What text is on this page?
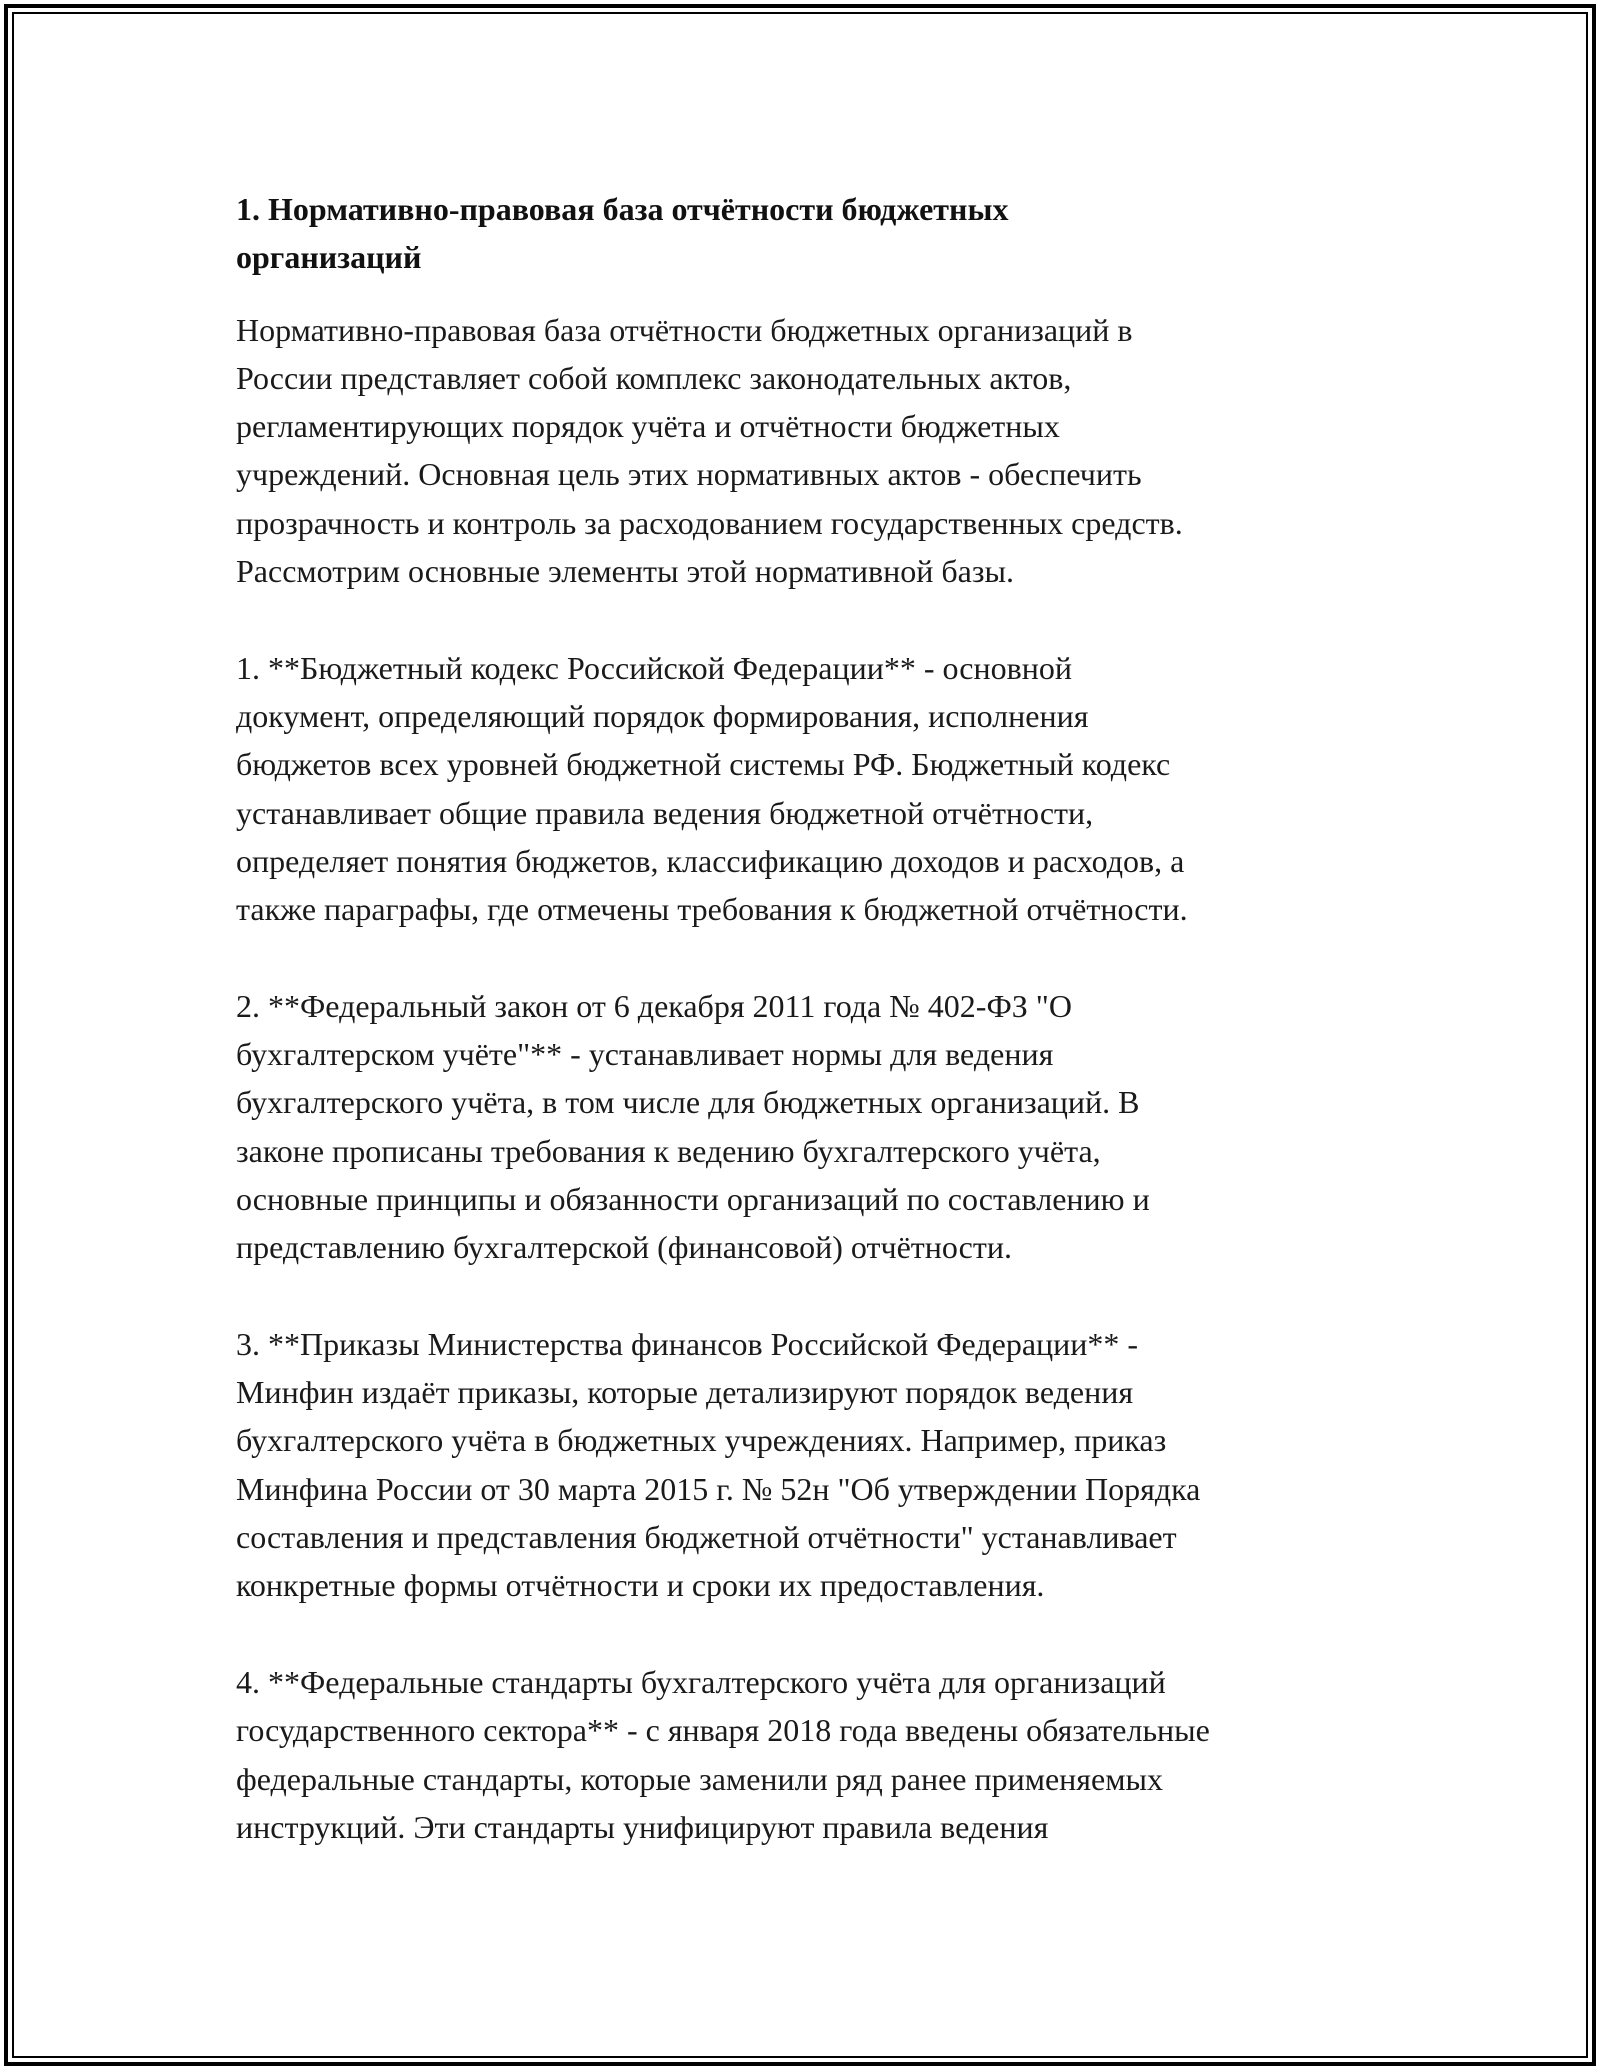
1. Нормативно-правовая база отчётности бюджетных
организаций

Нормативно-правовая база отчётности бюджетных организаций в
России представляет собой комплекс законодательных актов,
регламентирующих порядок учёта и отчётности бюджетных
учреждений. Основная цель этих нормативных актов - обеспечить
прозрачность и контроль за расходованием государственных средств.
Рассмотрим основные элементы этой нормативной базы.

1. **Бюджетный кодекс Российской Федерации** - основной
документ, определяющий порядок формирования, исполнения
бюджетов всех уровней бюджетной системы РФ. Бюджетный кодекс
устанавливает общие правила ведения бюджетной отчётности,
определяет понятия бюджетов, классификацию доходов и расходов, а
также параграфы, где отмечены требования к бюджетной отчётности.

2. **Федеральный закон от 6 декабря 2011 года № 402-ФЗ "О
бухгалтерском учёте"** - устанавливает нормы для ведения
бухгалтерского учёта, в том числе для бюджетных организаций. В
законе прописаны требования к ведению бухгалтерского учёта,
основные принципы и обязанности организаций по составлению и
представлению бухгалтерской (финансовой) отчётности.

3. **Приказы Министерства финансов Российской Федерации** -
Минфин издаёт приказы, которые детализируют порядок ведения
бухгалтерского учёта в бюджетных учреждениях. Например, приказ
Минфина России от 30 марта 2015 г. № 52н "Об утверждении Порядка
составления и представления бюджетной отчётности" устанавливает
конкретные формы отчётности и сроки их предоставления.

4. **Федеральные стандарты бухгалтерского учёта для организаций
государственного сектора** - с января 2018 года введены обязательные
федеральные стандарты, которые заменили ряд ранее применяемых
инструкций. Эти стандарты унифицируют правила ведения
